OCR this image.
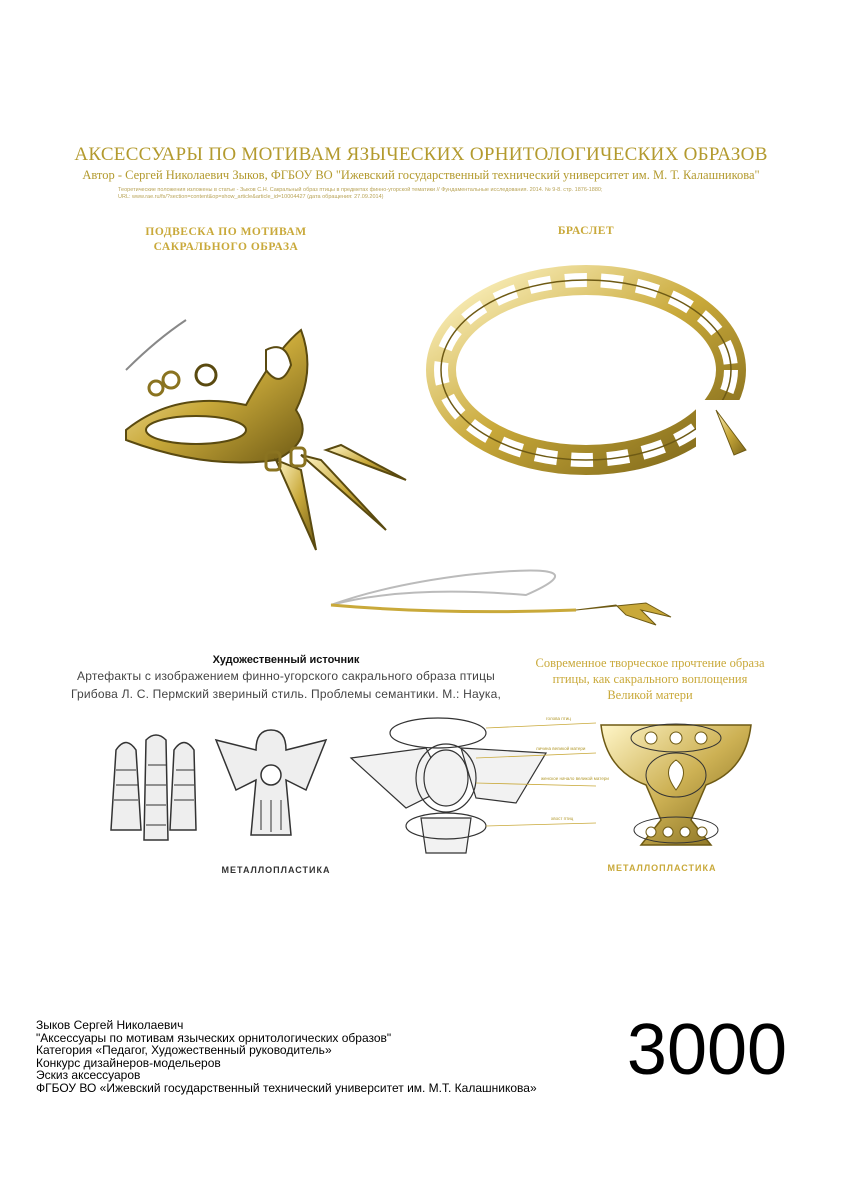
АКСЕССУАРЫ ПО МОТИВАМ ЯЗЫЧЕСКИХ ОРНИТОЛОГИЧЕСКИХ ОБРАЗОВ
Автор - Сергей Николаевич Зыков, ФГБОУ ВО "Ижевский государственный технический университет им. М. Т. Калашникова"
Теоретические положения изложены в статье - Зыков С.Н. Сакральный образ птицы в предметах финно-угорской тематики // Фундаментальные исследования. 2014. № 9-8. стр. 1876-1880;
URL: www.rae.ru/fs/?section=content&op=show_article&article_id=10004427 (дата обращения: 27.09.2014)
ПОДВЕСКА ПО МОТИВАМ
САКРАЛЬНОГО ОБРАЗА
БРАСЛЕТ
Художественный источник
Артефакты с изображением финно-угорского сакрального образа птицы
Грибова Л. С. Пермский звериный стиль. Проблемы семантики. М.: Наука,
Современное творческое прочтение образа
птицы, как сакрального воплощения
Великой матери
МЕТАЛЛОПЛАСТИКА
голова птиц
личина великой матери
женское начало великой матери
хвост птиц
МЕТАЛЛОПЛАСТИКА
Зыков Сергей Николаевич
"Аксессуары по мотивам языческих орнитологических образов"
Категория «Педагог, Художественный руководитель»
Конкурс дизайнеров-модельеров
Эскиз аксессуаров
ФГБОУ ВО «Ижевский государственный технический университет им. М.Т. Калашникова»	3000
